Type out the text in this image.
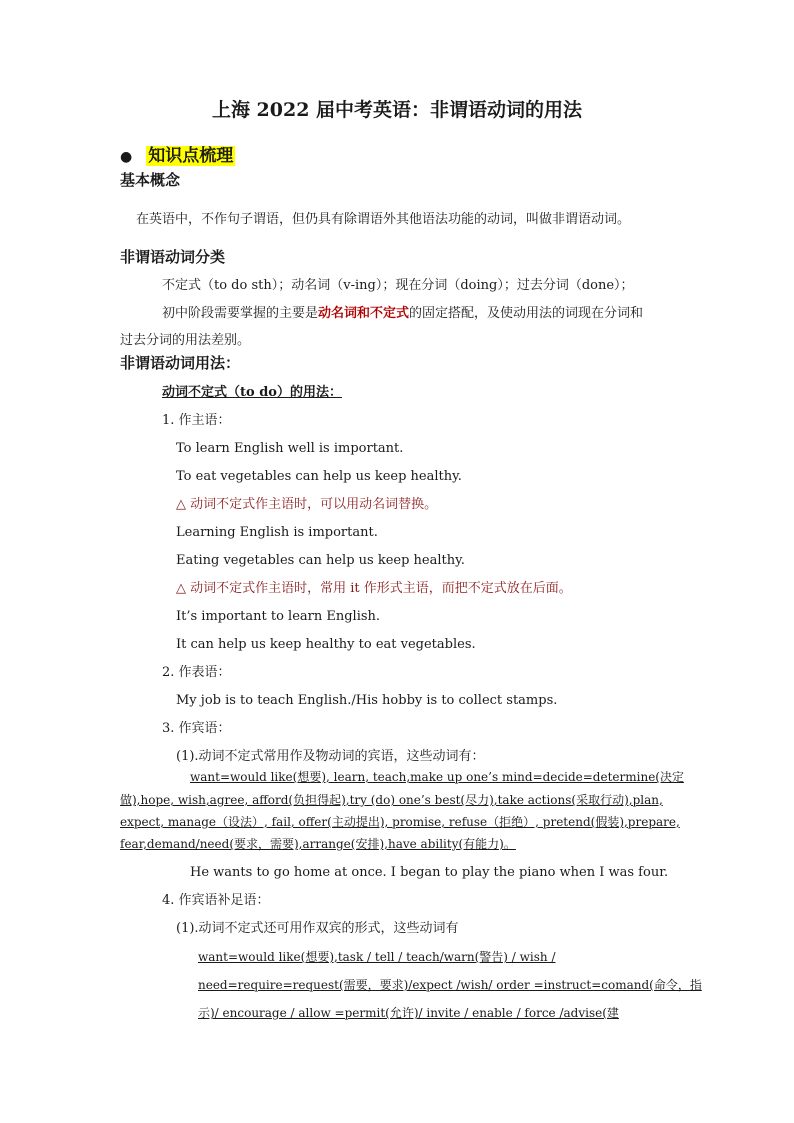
上海 2022 届中考英语：非谓语动词的用法
● 知识点梳理
基本概念
在英语中，不作句子谓语，但仍具有除谓语外其他语法功能的动词，叫做非谓语动词。
非谓语动词分类
不定式（to do sth）；动名词（v-ing）；现在分词（doing）；过去分词（done）；
初中阶段需要掌握的主要是动名词和不定式的固定搭配，及使动用法的词现在分词和
过去分词的用法差别。
非谓语动词用法：
动词不定式（to do）的用法：
1. 作主语：
To learn English well is important.
To eat vegetables can help us keep healthy.
△ 动词不定式作主语时，可以用动名词替换。
Learning English is important.
Eating vegetables can help us keep healthy.
△ 动词不定式作主语时，常用 it 作形式主语，而把不定式放在后面。
It’s important to learn English.
It can help us keep healthy to eat vegetables.
2. 作表语：
My job is to teach English./His hobby is to collect stamps.
3. 作宾语：
(1).动词不定式常用作及物动词的宾语，这些动词有：
want=would like(想要), learn, teach,make up one’s mind=decide=determine(决定
做),hope, wish,agree, afford(负担得起),try (do) one’s best(尽力),take actions(采取行动),plan,
expect, manage（设法）, fail, offer(主动提出), promise, refuse（拒绝）, pretend(假装),prepare,
fear,demand/need(要求，需要),arrange(安排),have ability(有能力)。
He wants to go home at once. I began to play the piano when I was four.
4. 作宾语补足语：
(1).动词不定式还可用作双宾的形式，这些动词有
want=would like(想要),task / tell / teach/warn(警告) / wish /
need=require=request(需要，要求)/expect /wish/ order =instruct=comand(命令，指
示)/ encourage / allow =permit(允许)/ invite / enable / force /advise(建
